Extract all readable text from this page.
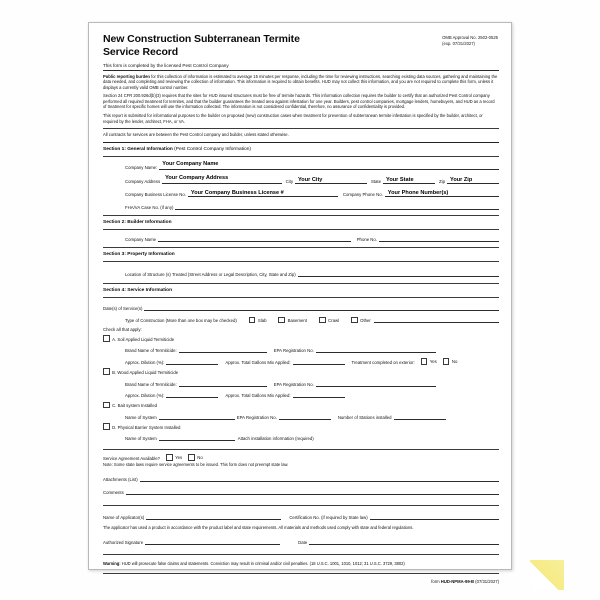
OMB Approval No. 2502-0525
(exp. 07/31/2027)
New Construction Subterranean Termite
Service Record
This form is completed by the licensed Pest Control Company
Public reporting burden for this collection of information is estimated to average 15 minutes per response, including the time for reviewing instructions, searching existing data sources, gathering and maintaining the data needed, and completing and reviewing the collection of information. This information is required to obtain benefits. HUD may not collect this information, and you are not required to complete this form, unless it displays a currently valid OMB control number.
Section 24 CFR 200.926d(b)(3) requires that the sites for HUD insured structures must be free of termite hazards. This information collection requires the builder to certify that an authorized Pest Control company performed all required treatment for termites, and that the builder guarantees the treated area against infestation for one year. Builders, pest control companies, mortgage lenders, homebuyers, and HUD as a record of treatment for specific homes will use the information collected. The information is not considered confidential, therefore, no assurance of confidentiality is provided.
This report is submitted for informational purposes to the builder on proposed (new) construction cases when treatment for prevention of subterranean termite infestation is specified by the builder, architect, or required by the lender, architect, FHA, or VA.
All contracts for services are between the Pest Control company and builder, unless stated otherwise.
Section 1: General Information (Pest Control Company Information)
Company Name:
Your Company Name
Company Address
Your Company Address
City Your City	State Your State	Zip Your Zip
Company Business License No. Your Company Business License #	Company Phone No. Your Phone Number(s)
FHA/VA Case No. (if any)
Section 2: Builder Information
Company Name	Phone No.
Section 3: Property Information
Location of Structure (s) Treated (Street Address or Legal Description, City, State and Zip)
Section 4: Service Information
Date(s) of Service(s)
Type of Construction (More than one box may be checked)	Slab	Basement	Crawl	Other
Check all that apply:
A. Soil Applied Liquid Termiticide
Brand Name of Termiticide:	EPA Registration No.
Approx. Dilution (%):	Approx. Total Gallons Mix Applied:	Treatment completed on exterior:	Yes	No
B. Wood Applied Liquid Termiticide
Brand Name of Termiticide:	EPA Registration No.
Approx. Dilution (%):	Approx. Total Gallons Mix Applied:
C. Bait system Installed
Name of System	EPA Registration No.	Number of Stations installed
D. Physical Barrier System Installed
Name of System	Attach installation information (required)
Service Agreement Available?	Yes	No
Note: Some state laws require service agreements to be issued. This form does not preempt state law.
Attachments (List)
Comments
Name of Applicator(s)	Certification No. (if required by State law)
The applicator has used a product in accordance with the product label and state requirements. All materials and methods used comply with state and federal regulations.
Authorized Signature	Date
Warning: HUD will prosecute false claims and statements. Conviction may result in criminal and/or civil penalties. (18 U.S.C. 1001, 1010, 1012; 31 U.S.C. 3729, 3802)
form HUD-NPMA-99-B (07/31/2027)
